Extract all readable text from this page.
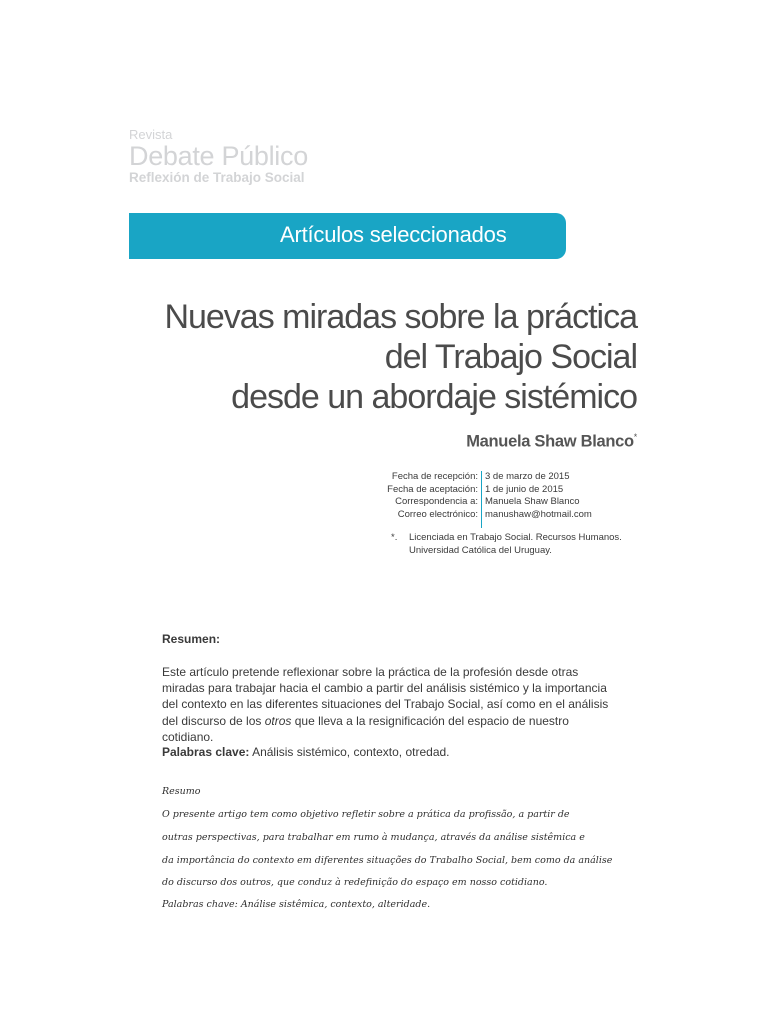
Revista
Debate Público
Reflexión de Trabajo Social
Artículos seleccionados
Nuevas miradas sobre la práctica
del Trabajo Social
desde un abordaje sistémico
Manuela Shaw Blanco*
Fecha de recepción:
Fecha de aceptación:
Correspondencia a:
Correo electrónico:
3 de marzo de 2015
1 de junio de 2015
Manuela Shaw Blanco
manushaw@hotmail.com
*. Licenciada en Trabajo Social. Recursos Humanos.
Universidad Católica del Uruguay.
Resumen:
Este artículo pretende reflexionar sobre la práctica de la profesión desde otras miradas para trabajar hacia el cambio a partir del análisis sistémico y la importancia del contexto en las diferentes situaciones del Trabajo Social, así como en el análisis del discurso de los otros que lleva a la resignificación del espacio de nuestro cotidiano.
Palabras clave: Análisis sistémico, contexto, otredad.
Resumo
O presente artigo tem como objetivo refletir sobre a prática da profissão, a partir de
outras perspectivas, para trabalhar em rumo à mudança, através da análise sistêmica e
da importância do contexto em diferentes situações do Trabalho Social, bem como da análise
do discurso dos outros, que conduz à redefinição do espaço em nosso cotidiano.
Palabras chave: Análise sistêmica, contexto, alteridade.
